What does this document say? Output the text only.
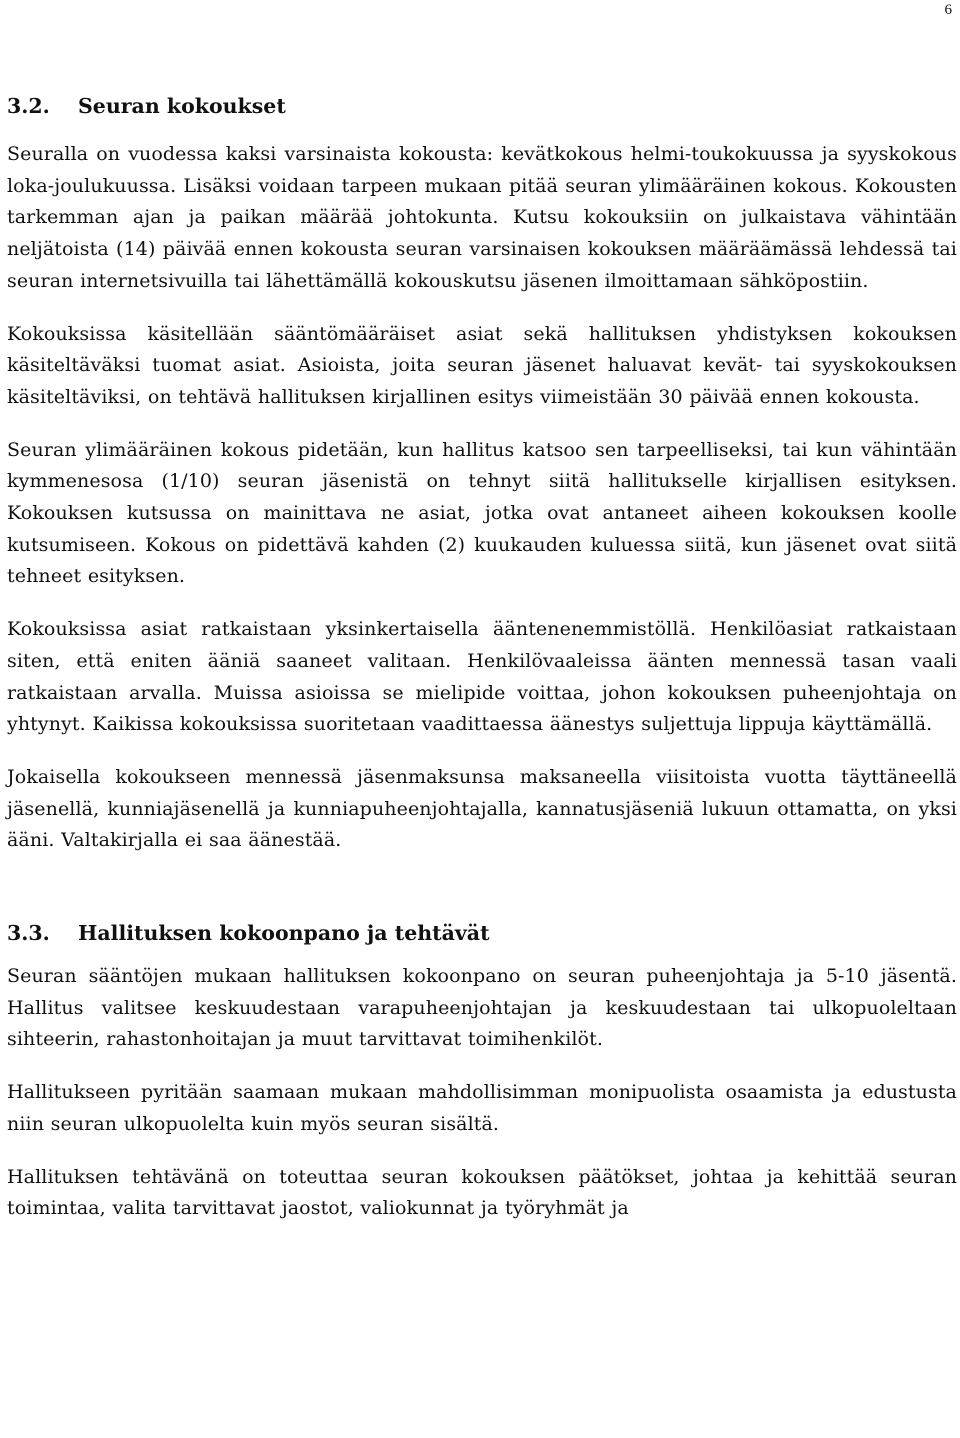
6
3.2.	Seuran kokoukset

Seuralla on vuodessa kaksi varsinaista kokousta: kevätkokous helmi-toukokuussa ja syyskokous loka-joulukuussa. Lisäksi voidaan tarpeen mukaan pitää seuran ylimääräinen kokous. Kokousten tarkemman ajan ja paikan määrää johtokunta. Kutsu kokouksiin on julkaistava vähintään neljätoista (14) päivää ennen kokousta seuran varsinaisen kokouksen määräämässä lehdessä tai seuran internetsivuilla tai lähettämällä kokouskutsu jäsenen ilmoittamaan sähköpostiin.

Kokouksissa käsitellään sääntömääräiset asiat sekä hallituksen yhdistyksen kokouksen käsiteltäväksi tuomat asiat. Asioista, joita seuran jäsenet haluavat kevät- tai syyskokouksen käsiteltäviksi, on tehtävä hallituksen kirjallinen esitys viimeistään 30 päivää ennen kokousta.

Seuran ylimääräinen kokous pidetään, kun hallitus katsoo sen tarpeelliseksi, tai kun vähintään kymmenesosa (1/10) seuran jäsenistä on tehnyt siitä hallitukselle kirjallisen esityksen. Kokouksen kutsussa on mainittava ne asiat, jotka ovat antaneet aiheen kokouksen koolle kutsumiseen. Kokous on pidettävä kahden (2) kuukauden kuluessa siitä, kun jäsenet ovat siitä tehneet esityksen.

Kokouksissa asiat ratkaistaan yksinkertaisella ääntenenemmistöllä. Henkilöasiat ratkaistaan siten, että eniten ääniä saaneet valitaan. Henkilövaaleissa äänten mennessä tasan vaali ratkaistaan arvalla. Muissa asioissa se mielipide voittaa, johon kokouksen puheenjohtaja on yhtynyt. Kaikissa kokouksissa suoritetaan vaadittaessa äänestys suljettuja lippuja käyttämällä.

Jokaisella kokoukseen mennessä jäsenmaksunsa maksaneella viisitoista vuotta täyttäneellä jäsenellä, kunniajäsenellä ja kunniapuheenjohtajalla, kannatusjäseniä lukuun ottamatta, on yksi ääni. Valtakirjalla ei saa äänestää.

3.3.	Hallituksen kokoonpano ja tehtävät

Seuran sääntöjen mukaan hallituksen kokoonpano on seuran puheenjohtaja ja 5-10 jäsentä. Hallitus valitsee keskuudestaan varapuheenjohtajan ja keskuudestaan tai ulkopuoleltaan sihteerin, rahastonhoitajan ja muut tarvittavat toimihenkilöt.

Hallitukseen pyritään saamaan mukaan mahdollisimman monipuolista osaamista ja edustusta niin seuran ulkopuolelta kuin myös seuran sisältä.

Hallituksen tehtävänä on toteuttaa seuran kokouksen päätökset, johtaa ja kehittää seuran toimintaa, valita tarvittavat jaostot, valiokunnat ja työryhmät ja
